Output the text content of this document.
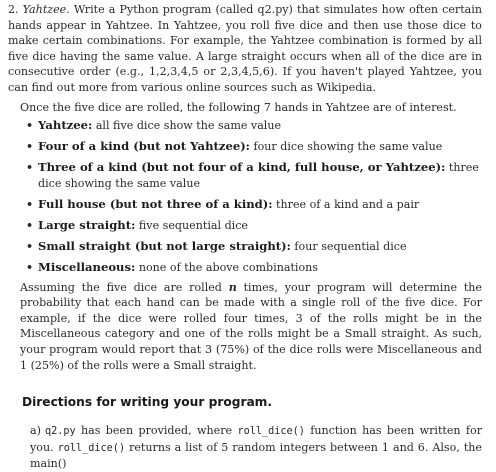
2. Yahtzee. Write a Python program (called q2.py) that simulates how often certain hands appear in Yahtzee. In Yahtzee, you roll five dice and then use those dice to make certain combinations. For example, the Yahtzee combination is formed by all five dice having the same value. A large straight occurs when all of the dice are in consecutive order (e.g., 1,2,3,4,5 or 2,3,4,5,6). If you haven't played Yahtzee, you can find out more from various online sources such as Wikipedia.

Once the five dice are rolled, the following 7 hands in Yahtzee are of interest.

• Yahtzee: all five dice show the same value
• Four of a kind (but not Yahtzee): four dice showing the same value
• Three of a kind (but not four of a kind, full house, or Yahtzee): three dice showing the same value
• Full house (but not three of a kind): three of a kind and a pair
• Large straight: five sequential dice
• Small straight (but not large straight): four sequential dice
• Miscellaneous: none of the above combinations

Assuming the five dice are rolled n times, your program will determine the probability that each hand can be made with a single roll of the five dice. For example, if the dice were rolled four times, 3 of the rolls might be in the Miscellaneous category and one of the rolls might be a Small straight. As such, your program would report that 3 (75%) of the dice rolls were Miscellaneous and 1 (25%) of the rolls were a Small straight.

Directions for writing your program.

a) q2.py has been provided, where roll_dice() function has been written for you. roll_dice() returns a list of 5 random integers between 1 and 6. Also, the main()
